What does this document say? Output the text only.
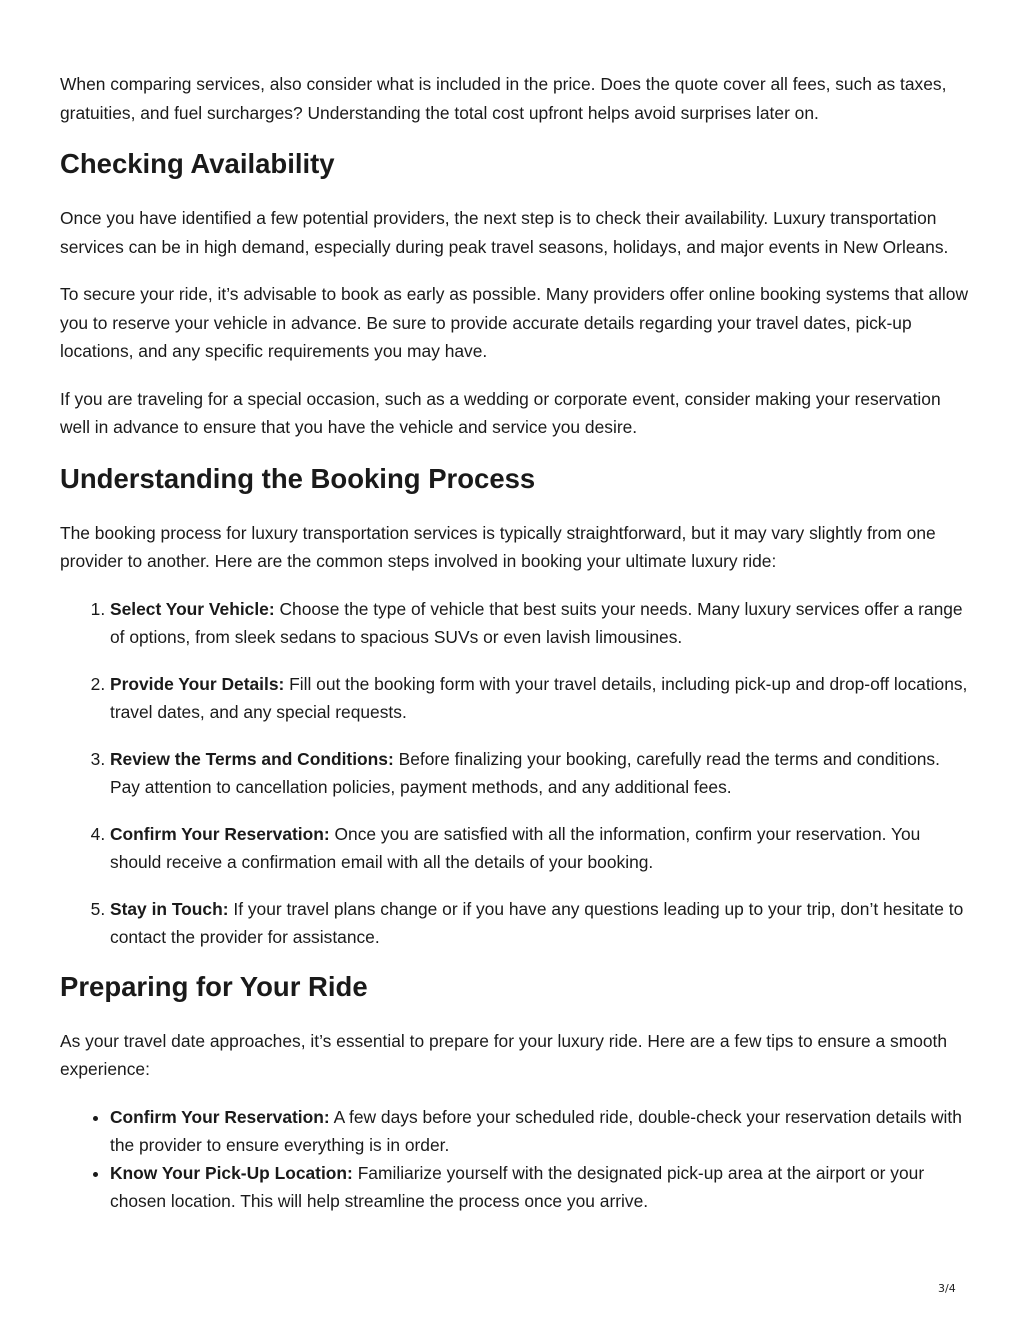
When comparing services, also consider what is included in the price. Does the quote cover all fees, such as taxes, gratuities, and fuel surcharges? Understanding the total cost upfront helps avoid surprises later on.

Checking Availability

Once you have identified a few potential providers, the next step is to check their availability. Luxury transportation services can be in high demand, especially during peak travel seasons, holidays, and major events in New Orleans.

To secure your ride, it’s advisable to book as early as possible. Many providers offer online booking systems that allow you to reserve your vehicle in advance. Be sure to provide accurate details regarding your travel dates, pick-up locations, and any specific requirements you may have.

If you are traveling for a special occasion, such as a wedding or corporate event, consider making your reservation well in advance to ensure that you have the vehicle and service you desire.

Understanding the Booking Process

The booking process for luxury transportation services is typically straightforward, but it may vary slightly from one provider to another. Here are the common steps involved in booking your ultimate luxury ride:

1. Select Your Vehicle: Choose the type of vehicle that best suits your needs. Many luxury services offer a range of options, from sleek sedans to spacious SUVs or even lavish limousines.
2. Provide Your Details: Fill out the booking form with your travel details, including pick-up and drop-off locations, travel dates, and any special requests.
3. Review the Terms and Conditions: Before finalizing your booking, carefully read the terms and conditions. Pay attention to cancellation policies, payment methods, and any additional fees.
4. Confirm Your Reservation: Once you are satisfied with all the information, confirm your reservation. You should receive a confirmation email with all the details of your booking.
5. Stay in Touch: If your travel plans change or if you have any questions leading up to your trip, don’t hesitate to contact the provider for assistance.
Preparing for Your Ride

As your travel date approaches, it’s essential to prepare for your luxury ride. Here are a few tips to ensure a smooth experience:

• Confirm Your Reservation: A few days before your scheduled ride, double-check your reservation details with the provider to ensure everything is in order.
• Know Your Pick-Up Location: Familiarize yourself with the designated pick-up area at the airport or your chosen location. This will help streamline the process once you arrive.
3/4
